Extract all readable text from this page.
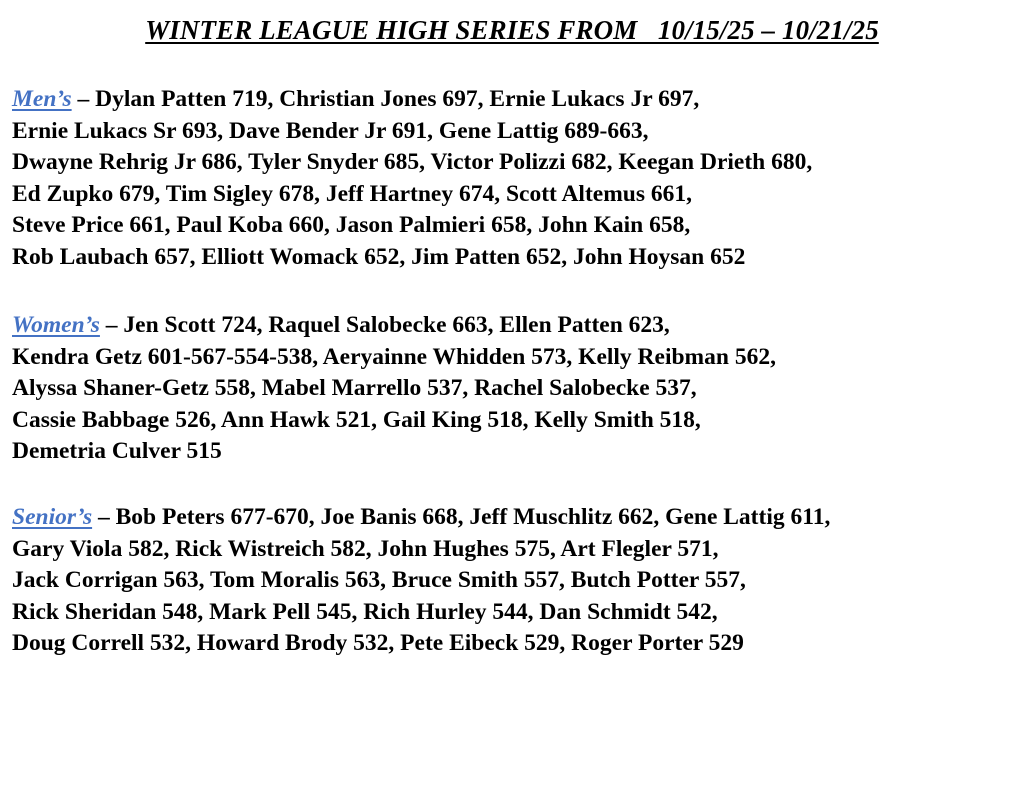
WINTER LEAGUE HIGH SERIES FROM   10/15/25 – 10/21/25
Men’s – Dylan Patten 719, Christian Jones 697, Ernie Lukacs Jr 697,
Ernie Lukacs Sr 693, Dave Bender Jr 691, Gene Lattig 689-663,
Dwayne Rehrig Jr 686, Tyler Snyder 685, Victor Polizzi 682, Keegan Drieth 680,
Ed Zupko 679, Tim Sigley 678, Jeff Hartney 674, Scott Altemus 661,
Steve Price 661, Paul Koba 660, Jason Palmieri 658, John Kain 658,
Rob Laubach 657, Elliott Womack 652, Jim Patten 652, John Hoysan 652
Women’s – Jen Scott 724, Raquel Salobecke 663, Ellen Patten 623,
Kendra Getz 601-567-554-538, Aeryainne Whidden 573, Kelly Reibman 562,
Alyssa Shaner-Getz 558, Mabel Marrello 537, Rachel Salobecke 537,
Cassie Babbage 526, Ann Hawk 521, Gail King 518, Kelly Smith 518,
Demetria Culver 515
Senior’s – Bob Peters 677-670, Joe Banis 668, Jeff Muschlitz 662, Gene Lattig 611,
Gary Viola 582, Rick Wistreich 582, John Hughes 575, Art Flegler 571,
Jack Corrigan 563, Tom Moralis 563, Bruce Smith 557, Butch Potter 557,
Rick Sheridan 548, Mark Pell 545, Rich Hurley 544, Dan Schmidt 542,
Doug Correll 532, Howard Brody 532, Pete Eibeck 529, Roger Porter 529
